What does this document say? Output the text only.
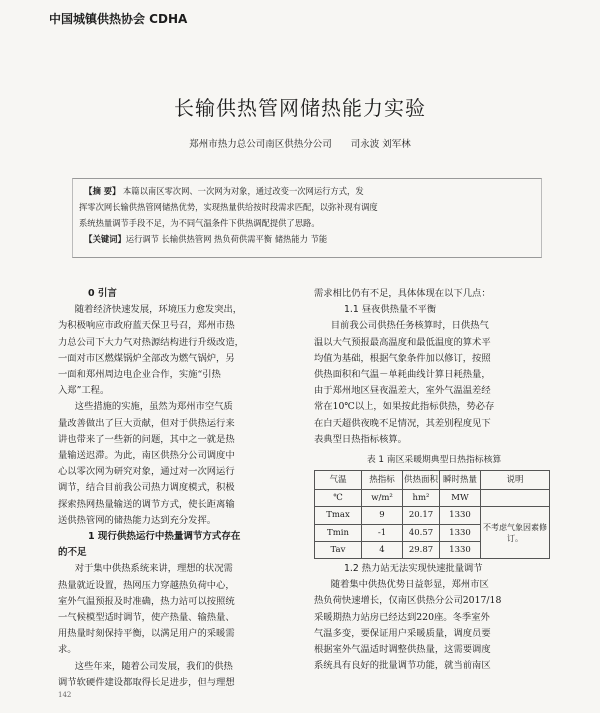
中国城镇供热协会 CDHA
长输供热管网储热能力实验
郑州市热力总公司南区供热分公司 司永波 刘军林
【摘 要】 本篇以南区零次网、一次网为对象，通过改变一次网运行方式，发
挥零次网长输供热管网储热优势，实现热量供给按时段需求匹配，以弥补现有调度
系统热量调节手段不足，为不同气温条件下供热调配提供了思路。
【关键词】运行调节 长输供热管网 热负荷供需平衡 储热能力 节能
0 引言

随着经济快速发展，环境压力愈发突出，
为积极响应市政府蓝天保卫号召，郑州市热
力总公司下大力气对热源结构进行升级改造，
一面对市区燃煤锅炉全部改为燃气锅炉，另
一面和郑州周边电企业合作，实施“引热
入郑”工程。

这些措施的实施，虽然为郑州市空气质
量改善做出了巨大贡献，但对于供热运行来
讲也带来了一些新的问题，其中之一就是热
量输送迟滞。为此，南区供热分公司调度中
心以零次网为研究对象，通过对一次网运行
调节，结合目前我公司热力调度模式，积极
探索热网热量输送的调节方式，使长距离输
送供热管网的储热能力达到充分发挥。

1 现行供热运行中热量调节方式存在
的不足

对于集中供热系统来讲，理想的状况需
热量就近设置，热网压力穿越热负荷中心，
室外气温预报及时准确，热力站可以按照统
一气候模型适时调节，使产热量、输热量、
用热量时刻保持平衡，以满足用户的采暖需
求。

这些年来，随着公司发展，我们的供热
调节软硬件建设都取得长足进步，但与理想

142
需求相比仍有不足，具体体现在以下几点：
1.1 昼夜供热量不平衡

目前我公司供热任务核算时，日供热气
温以大气预报最高温度和最低温度的算术平
均值为基础，根据气象条件加以修订，按照
供热面积和气温－单耗曲线计算日耗热量，
由于郑州地区昼夜温差大，室外气温温差经
常在10℃以上，如果按此指标供热，势必存
在白天超供夜晚不足情况，其差别程度见下
表典型日热指标核算。

表 1 南区采暖期典型日热指标核算
气温	热指标	供热面积	瞬时热量	说明
℃	w/m²	hm²	MW	
Tmax	9	20.17	1330	不考虑气象因素修订。
Tmin	-1	40.57	1330	
Tav	4	29.87	1330	
1.2 热力站无法实现快速批量调节

随着集中供热优势日益彰显，郑州市区
热负荷快速增长，仅南区供热分公司2017/18
采暖期热力站房已经达到220座。冬季室外
气温多变，要保证用户采暖质量，调度员要
根据室外气温适时调整供热量，这需要调度
系统具有良好的批量调节功能，就当前南区
